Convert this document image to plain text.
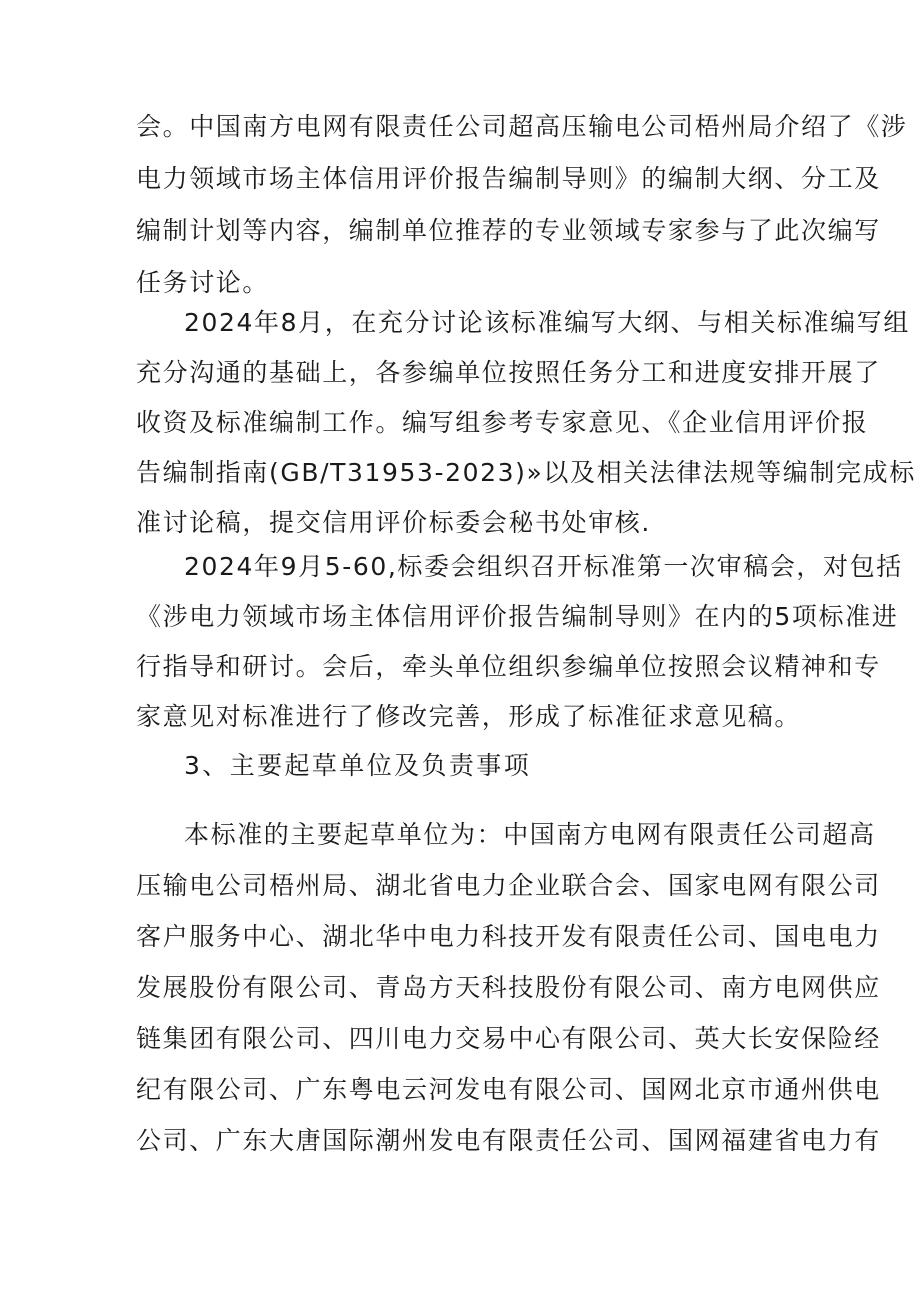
会。中国南方电网有限责任公司超高压输电公司梧州局介绍了《涉
电力领域市场主体信用评价报告编制导则》的编制大纲、分工及
编制计划等内容，编制单位推荐的专业领域专家参与了此次编写
任务讨论。
2024年8月，在充分讨论该标准编写大纲、与相关标准编写组
充分沟通的基础上，各参编单位按照任务分工和进度安排开展了
收资及标准编制工作。编写组参考专家意见、《企业信用评价报
告编制指南(GB/T31953-2023)»以及相关法律法规等编制完成标
准讨论稿，提交信用评价标委会秘书处审核.
2024年9月5-60,标委会组织召开标准第一次审稿会，对包括
《涉电力领域市场主体信用评价报告编制导则》在内的5项标准进
行指导和研讨。会后，牵头单位组织参编单位按照会议精神和专
家意见对标准进行了修改完善，形成了标准征求意见稿。
3、主要起草单位及负责事项
本标准的主要起草单位为：中国南方电网有限责任公司超高
压输电公司梧州局、湖北省电力企业联合会、国家电网有限公司
客户服务中心、湖北华中电力科技开发有限责任公司、国电电力
发展股份有限公司、青岛方天科技股份有限公司、南方电网供应
链集团有限公司、四川电力交易中心有限公司、英大长安保险经
纪有限公司、广东粤电云河发电有限公司、国网北京市通州供电
公司、广东大唐国际潮州发电有限责任公司、国网福建省电力有
